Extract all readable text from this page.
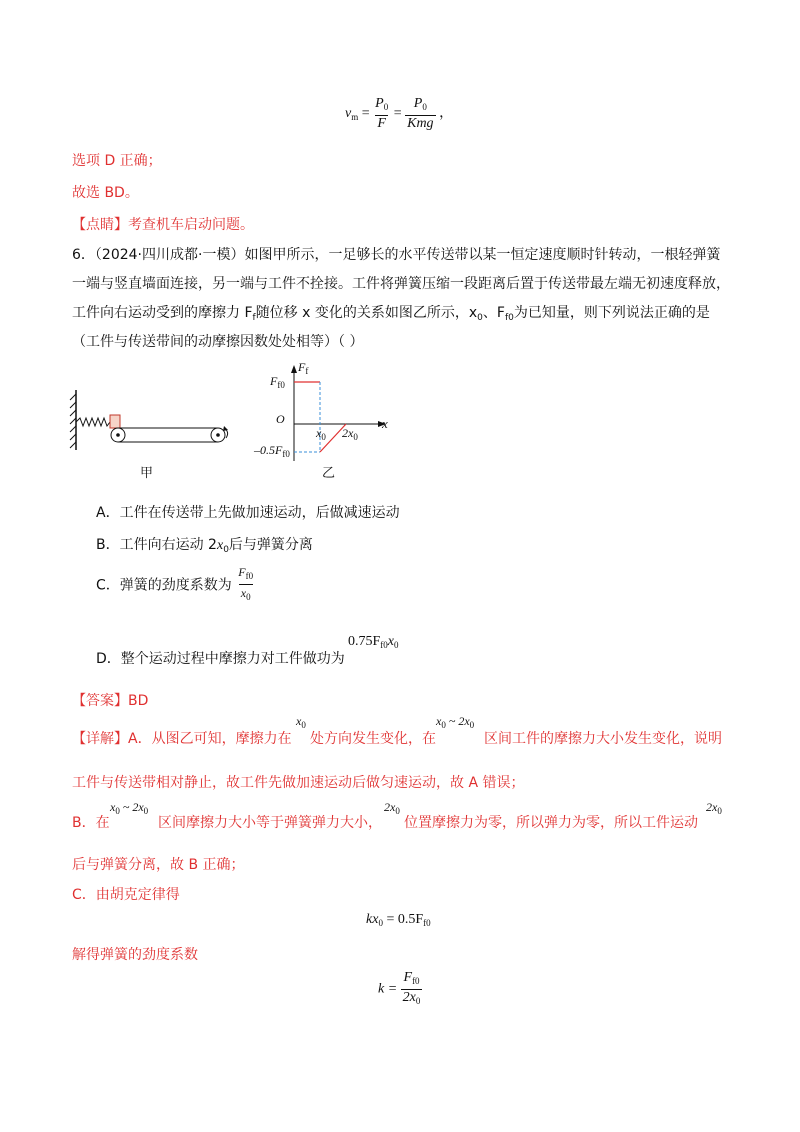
$v_m = \frac{P_0}{F} = \frac{P_0}{\text{Kmg}}$ ，
选项 D 正确；
故选 BD。
【点睛】考查机车启动问题。
6．（2024·四川成都·一模）如图甲所示，一足够长的水平传送带以某一恒定速度顺时针转动，一根轻弹簧
一端与竖直墙面连接，另一端与工件不拴接。工件将弹簧压缩一段距离后置于传送带最左端无初速度释放，
工件向右运动受到的摩擦力 $F_f$随位移 x 变化的关系如图乙所示，$x_0$、$F_{f0}$为已知量，则下列说法正确的是
（工件与传送带间的动摩擦因数处处相等）（ ）
甲
$F_f$
$F_{f0}$
O	x
$x_0$ $2x_0$
$-0.5F_{f0}$
乙
A．工件在传送带上先做加速运动，后做减速运动
B．工件向右运动 $2x_0$后与弹簧分离
C．弹簧的劲度系数为 $\frac{F_{f0}}{x_0}$
D．整个运动过程中摩擦力对工件做功为
$0.75F_{f0}x_0$
【答案】BD
【详解】A．从图乙可知，摩擦力在
$x_0$
处方向发生变化，在
$x_0$ ~ $2x_0$
区间工件的摩擦力大小发生变化，说明
工件与传送带相对静止，故工件先做加速运动后做匀速运动，故 A 错误；
B．在
$x_0$ ~ $2x_0$
区间摩擦力大小等于弹簧弹力大小，
$2x_0$
位置摩擦力为零，所以弹力为零，所以工件运动
$2x_0$
后与弹簧分离，故 B 正确；
C．由胡克定律得
$kx_0 = 0.5F_{f0}$
解得弹簧的劲度系数
$k = \frac{F_{f0}}{2x_0}$
